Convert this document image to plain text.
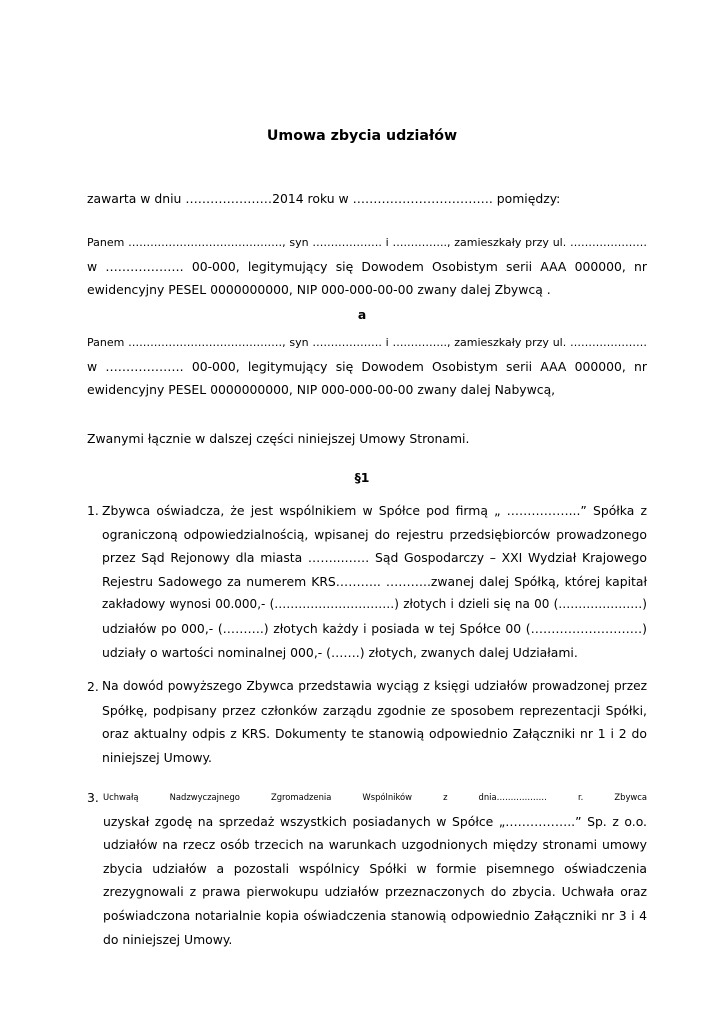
Umowa zbycia udziałów

zawarta w dniu …………………2014 roku w ……………………………. pomiędzy:

Panem ……………………………………, syn ………………. i ….……….., zamieszkały przy ul. …………………
w ………………. 00-000, legitymujący się Dowodem Osobistym serii AAA 000000, nr
ewidencyjny PESEL 0000000000, NIP 000-000-00-00 zwany dalej Zbywcą .

a

Panem ……………………………………, syn ………………. i ….……….., zamieszkały przy ul. …………………
w ………………. 00-000, legitymujący się Dowodem Osobistym serii AAA 000000, nr
ewidencyjny PESEL 0000000000, NIP 000-000-00-00 zwany dalej Nabywcą,

Zwanymi łącznie w dalszej części niniejszej Umowy Stronami.

§1

1. Zbywca oświadcza, że jest wspólnikiem w Spółce pod firmą „ ……………...” Spółka z
ograniczoną odpowiedzialnością, wpisanej do rejestru przedsiębiorców prowadzonego
przez Sąd Rejonowy dla miasta ……...…… Sąd Gospodarczy – XXI Wydział Krajowego
Rejestru Sadowego za numerem KRS……….. ………..zwanej dalej Spółką, której kapitał
zakładowy wynosi 00.000,- (…………………………) złotych i dzieli się na 00 (…………………)
udziałów po 000,- (……….) złotych każdy i posiada w tej Spółce 00 (………………………)
udziały o wartości nominalnej 000,- (…….) złotych, zwanych dalej Udziałami.
2. Na dowód powyższego Zbywca przedstawia wyciąg z księgi udziałów prowadzonej przez
Spółkę, podpisany przez członków zarządu zgodnie ze sposobem reprezentacji Spółki,
oraz aktualny odpis z KRS. Dokumenty te stanowią odpowiednio Załączniki nr 1 i 2 do
niniejszej Umowy.
3. Uchwałą Nadzwyczajnego Zgromadzenia Wspólników z dnia……………… r. Zbywca
uzyskał zgodę na sprzedaż wszystkich posiadanych w Spółce „……………..” Sp. z o.o.
udziałów na rzecz osób trzecich na warunkach uzgodnionych między stronami umowy
zbycia udziałów a pozostali wspólnicy Spółki w formie pisemnego oświadczenia
zrezygnowali z prawa pierwokupu udziałów przeznaczonych do zbycia. Uchwała oraz
poświadczona notarialnie kopia oświadczenia stanowią odpowiednio Załączniki nr 3 i 4
do niniejszej Umowy.
